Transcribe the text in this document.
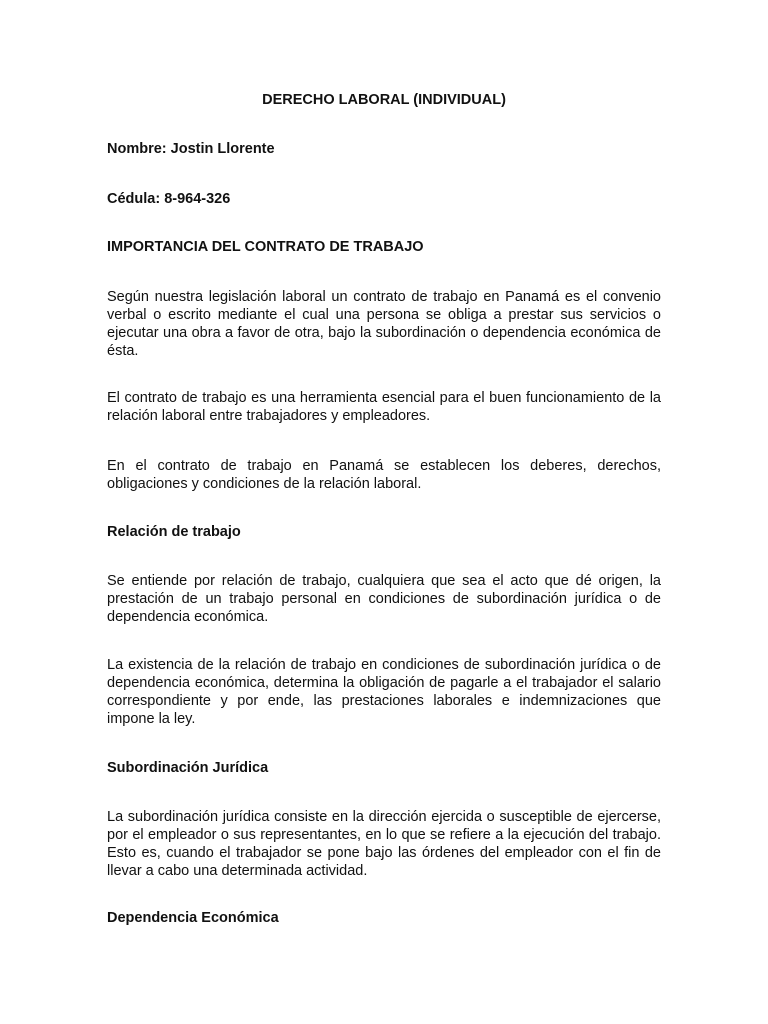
DERECHO LABORAL (INDIVIDUAL)
Nombre: Jostin Llorente
Cédula: 8-964-326
IMPORTANCIA DEL CONTRATO DE TRABAJO
Según nuestra legislación laboral un contrato de trabajo en Panamá es el convenio verbal o escrito mediante el cual una persona se obliga a prestar sus servicios o ejecutar una obra a favor de otra, bajo la subordinación o dependencia económica de ésta.
El contrato de trabajo es una herramienta esencial para el buen funcionamiento de la relación laboral entre trabajadores y empleadores.
En el contrato de trabajo en Panamá se establecen los deberes, derechos, obligaciones y condiciones de la relación laboral.
Relación de trabajo
Se entiende por relación de trabajo, cualquiera que sea el acto que dé origen, la prestación de un trabajo personal en condiciones de subordinación jurídica o de dependencia económica.
La existencia de la relación de trabajo en condiciones de subordinación jurídica o de dependencia económica, determina la obligación de pagarle a el trabajador el salario correspondiente y por ende, las prestaciones laborales e indemnizaciones que impone la ley.
Subordinación Jurídica
La subordinación jurídica consiste en la dirección ejercida o susceptible de ejercerse, por el empleador o sus representantes, en lo que se refiere a la ejecución del trabajo. Esto es, cuando el trabajador se pone bajo las órdenes del empleador con el fin de llevar a cabo una determinada actividad.
Dependencia Económica
